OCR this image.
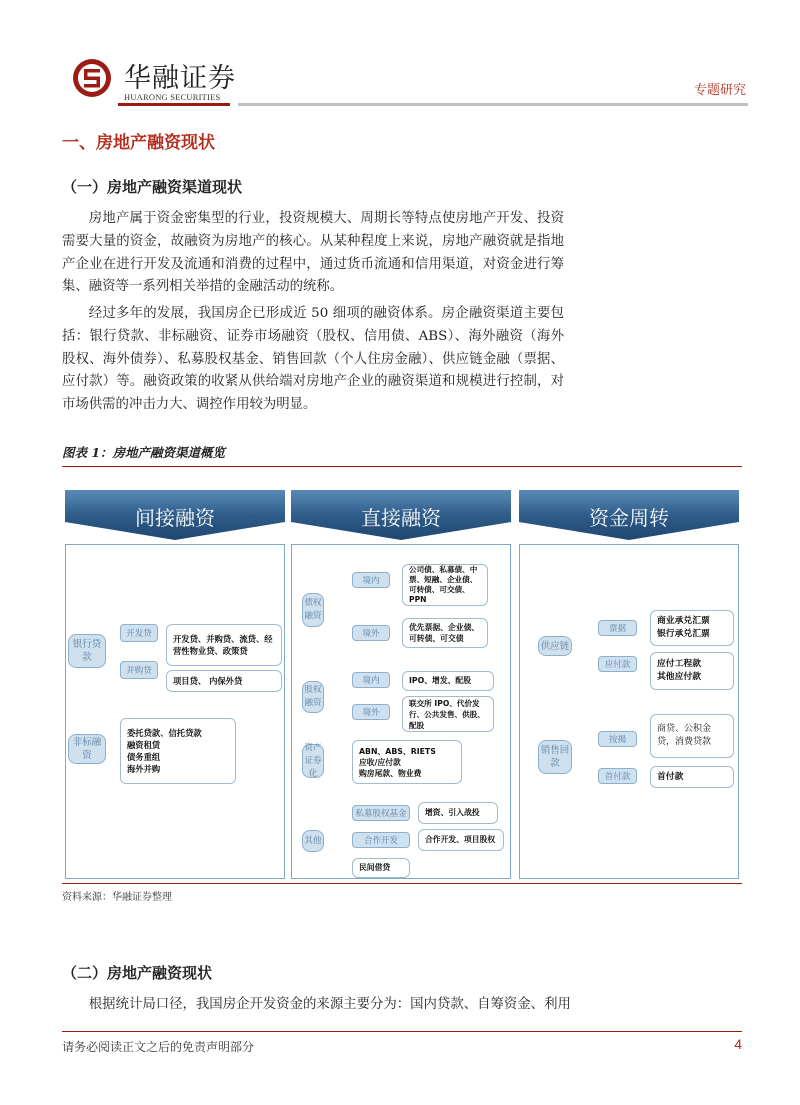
华融证券
HUARONG SECURITIES	专题研究
一、房地产融资现状
（一）房地产融资渠道现状
房地产属于资金密集型的行业，投资规模大、周期长等特点使房地产开发、投资需要大量的资金，故融资为房地产的核心。从某种程度上来说，房地产融资就是指地产企业在进行开发及流通和消费的过程中，通过货币流通和信用渠道，对资金进行筹集、融资等一系列相关举措的金融活动的统称。
经过多年的发展，我国房企已形成近 50 细项的融资体系。房企融资渠道主要包括：银行贷款、非标融资、证券市场融资（股权、信用债、ABS）、海外融资（海外股权、海外债券）、私募股权基金、销售回款（个人住房金融）、供应链金融（票据、应付款）等。融资政策的收紧从供给端对房地产企业的融资渠道和规模进行控制，对市场供需的冲击力大、调控作用较为明显。
图表 1：房地产融资渠道概览
间接融资
银行贷款
开发贷
并购贷
开发贷、并购贷、流贷、经营性物业贷、政策贷
项目贷、 内保外贷
非标融资
委托贷款、信托贷款
融资租赁
债务重组
海外并购
直接融资
债权融资
境内
境外
公司债、私募债、中票、短融、企业债、可转债、可交债、PPN
优先票据、企业债、可转债、可交债
股权融资
境内
境外
IPO、增发、配股
联交所 IPO、代价发行、公共发售、供股、配股
资产证券化
ABN、ABS、RIETS
应收/应付款
购房尾款、物业费
其他
私募股权基金
合作开发
增资、引入战投
合作开发、项目股权
民间借贷
资金周转
供应链
票据
应付款
商业承兑汇票
银行承兑汇票
应付工程款
其他应付款
销售回款
按揭
首付款
商贷、公积金贷，消费贷款
首付款
资料来源：华融证券整理
（二）房地产融资现状
根据统计局口径，我国房企开发资金的来源主要分为：国内贷款、自筹资金、利用
请务必阅读正文之后的免责声明部分	4
